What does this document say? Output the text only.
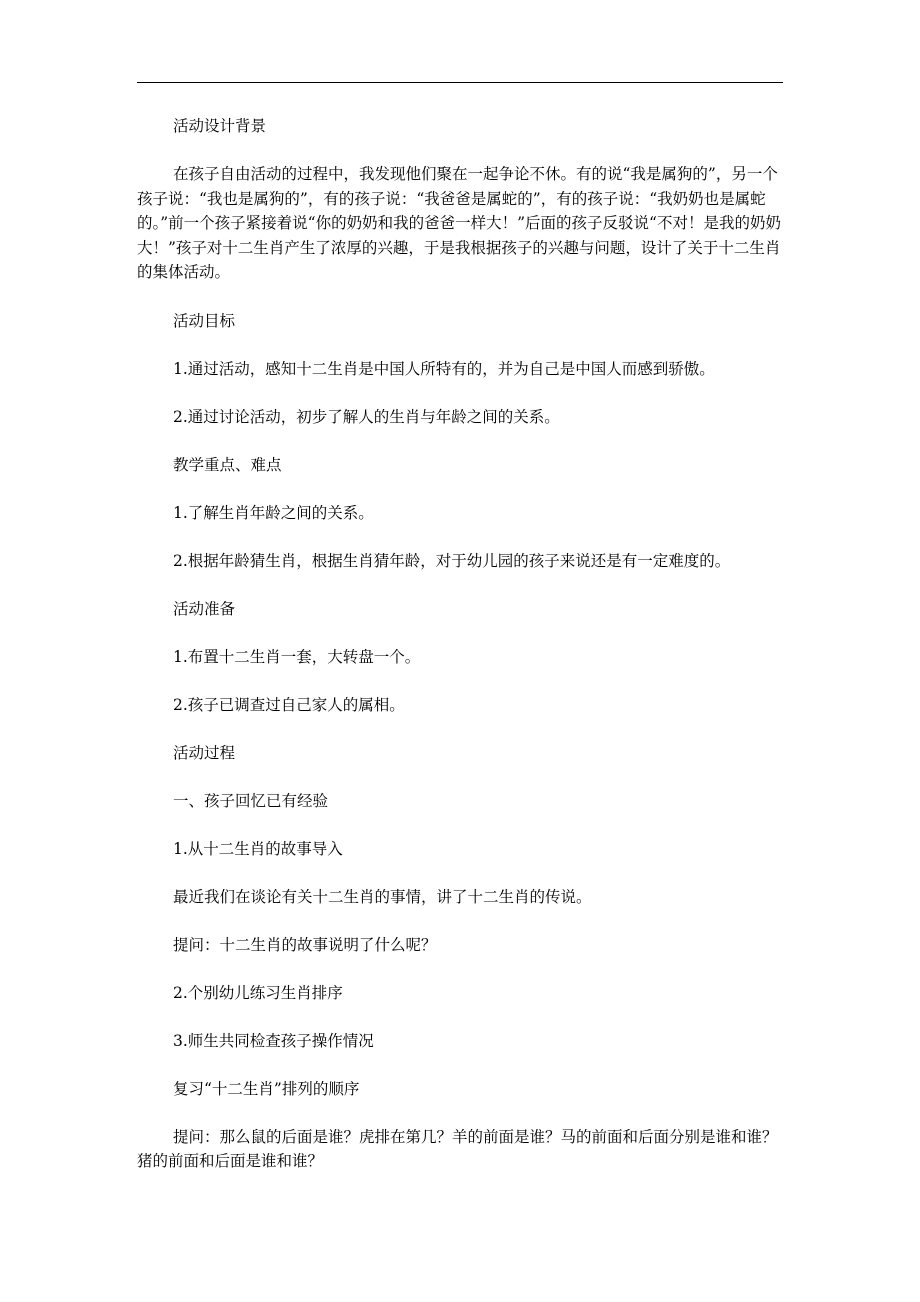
活动设计背景

在孩子自由活动的过程中，我发现他们聚在一起争论不休。有的说“我是属狗的”，另一个孩子说：“我也是属狗的”，有的孩子说：“我爸爸是属蛇的”，有的孩子说：“我奶奶也是属蛇的。”前一个孩子紧接着说“你的奶奶和我的爸爸一样大！”后面的孩子反驳说“不对！是我的奶奶大！”孩子对十二生肖产生了浓厚的兴趣，于是我根据孩子的兴趣与问题，设计了关于十二生肖的集体活动。

活动目标

1.通过活动，感知十二生肖是中国人所特有的，并为自己是中国人而感到骄傲。

2.通过讨论活动，初步了解人的生肖与年龄之间的关系。

教学重点、难点

1.了解生肖年龄之间的关系。

2.根据年龄猜生肖，根据生肖猜年龄，对于幼儿园的孩子来说还是有一定难度的。

活动准备

1.布置十二生肖一套，大转盘一个。

2.孩子已调查过自己家人的属相。

活动过程

一、孩子回忆已有经验

1.从十二生肖的故事导入

最近我们在谈论有关十二生肖的事情，讲了十二生肖的传说。

提问：十二生肖的故事说明了什么呢？

2.个别幼儿练习生肖排序

3.师生共同检查孩子操作情况

复习“十二生肖”排列的顺序

提问：那么鼠的后面是谁？虎排在第几？羊的前面是谁？马的前面和后面分别是谁和谁？猪的前面和后面是谁和谁？
